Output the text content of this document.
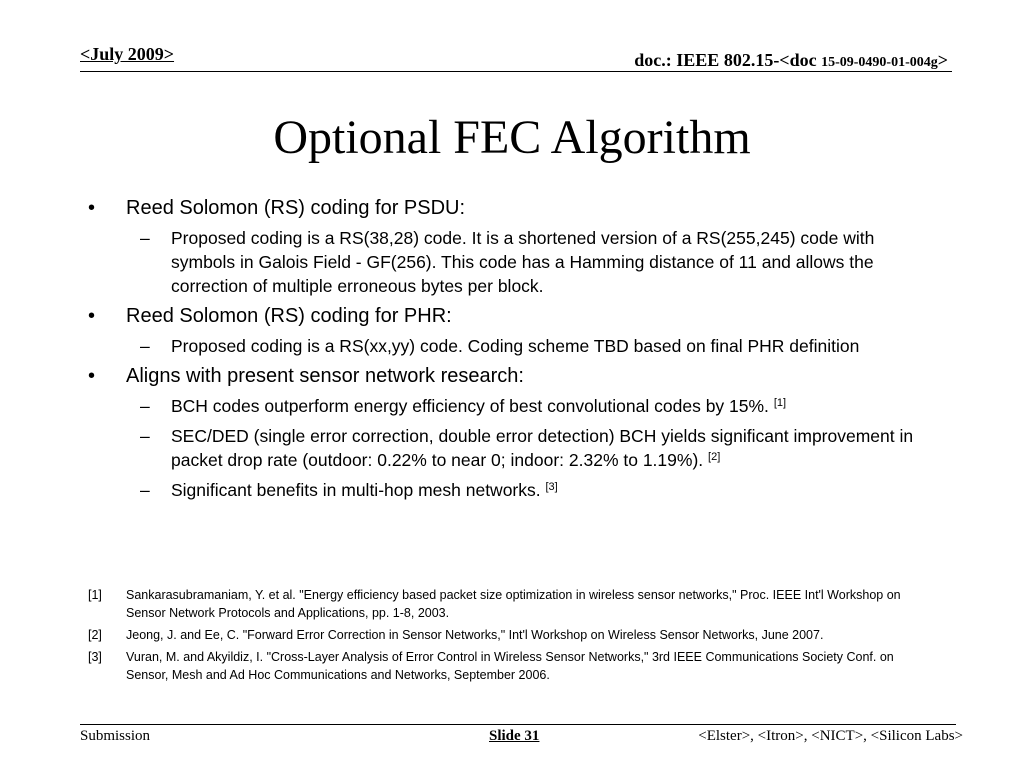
<July 2009>	doc.: IEEE 802.15-<doc 15-09-0490-01-004g>
Optional FEC Algorithm
• Reed Solomon (RS) coding for PSDU:
– Proposed coding is a RS(38,28) code. It is a shortened version of a RS(255,245) code with symbols in Galois Field - GF(256). This code has a Hamming distance of 11 and allows the correction of multiple erroneous bytes per block.
• Reed Solomon (RS) coding for PHR:
– Proposed coding is a RS(xx,yy) code. Coding scheme TBD based on final PHR definition
• Aligns with present sensor network research:
– BCH codes outperform energy efficiency of best convolutional codes by 15%. [1]
– SEC/DED (single error correction, double error detection) BCH yields significant improvement in packet drop rate (outdoor: 0.22% to near 0; indoor: 2.32% to 1.19%). [2]
– Significant benefits in multi-hop mesh networks. [3]
[1] Sankarasubramaniam, Y. et al. "Energy efficiency based packet size optimization in wireless sensor networks," Proc. IEEE Int'l Workshop on Sensor Network Protocols and Applications, pp. 1-8, 2003.
[2] Jeong, J. and Ee, C. "Forward Error Correction in Sensor Networks," Int'l Workshop on Wireless Sensor Networks, June 2007.
[3] Vuran, M. and Akyildiz, I. "Cross-Layer Analysis of Error Control in Wireless Sensor Networks," 3rd IEEE Communications Society Conf. on Sensor, Mesh and Ad Hoc Communications and Networks, September 2006.
Submission	Slide 31	<Elster>, <Itron>, <NICT>, <Silicon Labs>
